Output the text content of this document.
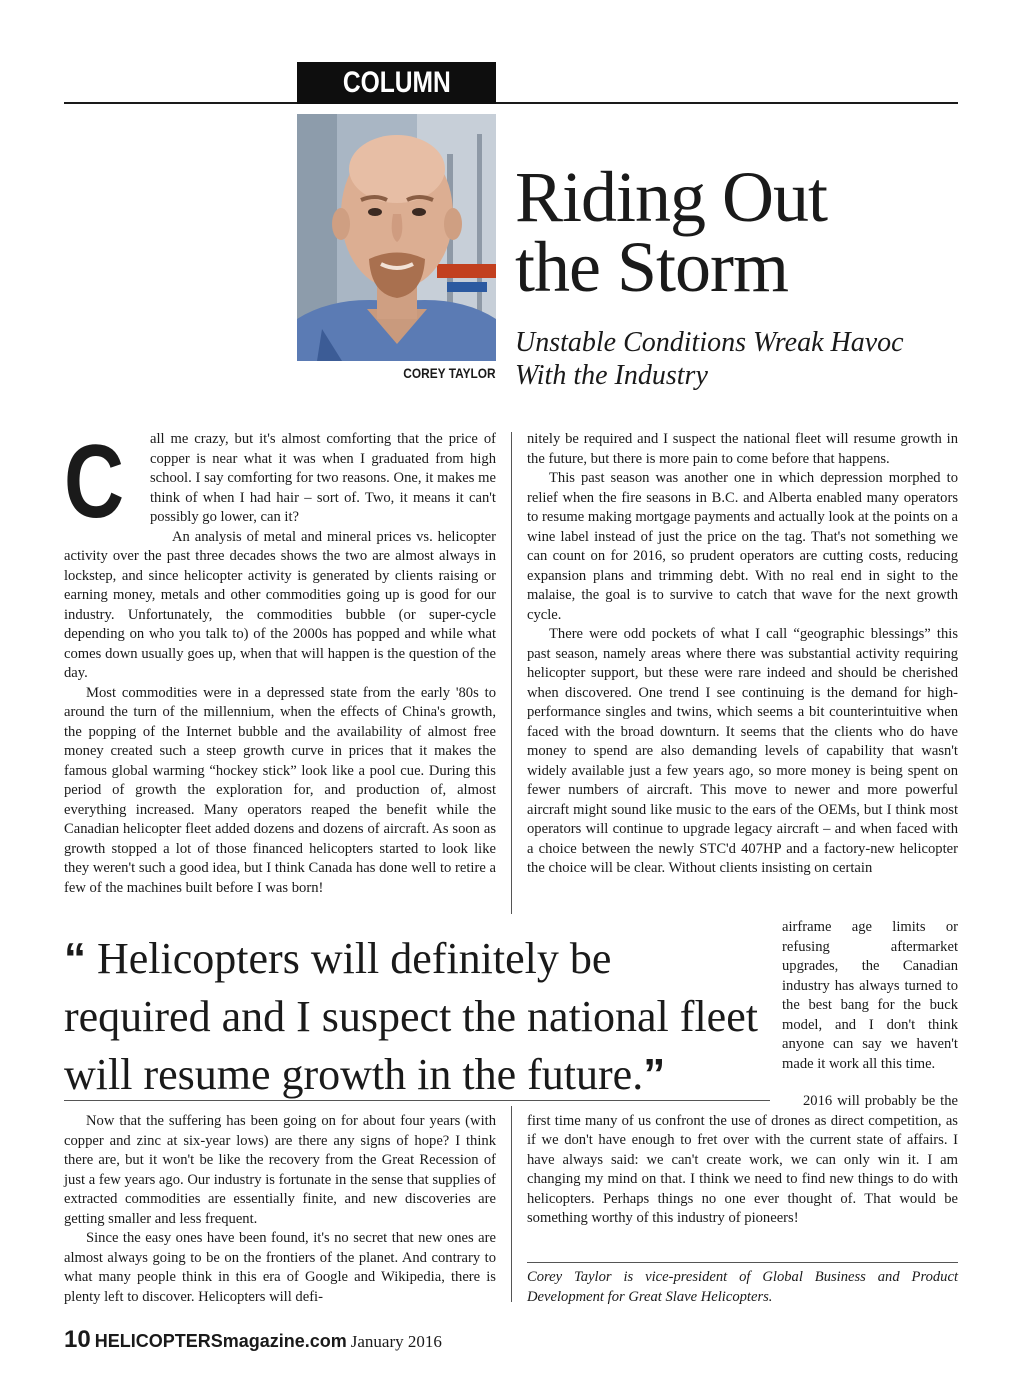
COLUMN
COREY TAYLOR
Riding Out
the Storm
Unstable Conditions Wreak Havoc
With the Industry
C	all me crazy, but it's almost comforting that the price of copper is near what it was when I graduated from high school. I say comforting for two reasons. One, it makes me think of when I had hair – sort of. Two, it means it can't possibly go lower, can it?

An analysis of metal and mineral prices vs. helicopter activity over the past three decades shows the two are almost always in lockstep, and since helicopter activity is generated by clients raising or earning money, metals and other commodities going up is good for our industry. Unfortunately, the commodities bubble (or super-cycle depending on who you talk to) of the 2000s has popped and while what comes down usually goes up, when that will happen is the question of the day.

Most commodities were in a depressed state from the early '80s to around the turn of the millennium, when the effects of China's growth, the popping of the Internet bubble and the availability of almost free money created such a steep growth curve in prices that it makes the famous global warming “hockey stick” look like a pool cue. During this period of growth the exploration for, and production of, almost everything increased. Many operators reaped the benefit while the Canadian helicopter fleet added dozens and dozens of aircraft. As soon as growth stopped a lot of those financed helicopters started to look like they weren't such a good idea, but I think Canada has done well to retire a few of the machines built before I was born!

nitely be required and I suspect the national fleet will resume growth in the future, but there is more pain to come before that happens.

This past season was another one in which depression morphed to relief when the fire seasons in B.C. and Alberta enabled many operators to resume making mortgage payments and actually look at the points on a wine label instead of just the price on the tag. That's not something we can count on for 2016, so prudent operators are cutting costs, reducing expansion plans and trimming debt. With no real end in sight to the malaise, the goal is to survive to catch that wave for the next growth cycle.

There were odd pockets of what I call “geographic blessings” this past season, namely areas where there was substantial activity requiring helicopter support, but these were rare indeed and should be cherished when discovered. One trend I see continuing is the demand for high-performance singles and twins, which seems a bit counterintuitive when faced with the broad downturn. It seems that the clients who do have money to spend are also demanding levels of capability that wasn't widely available just a few years ago, so more money is being spent on fewer numbers of aircraft. This move to newer and more powerful aircraft might sound like music to the ears of the OEMs, but I think most operators will continue to upgrade legacy aircraft – and when faced with a choice between the newly STC'd 407HP and a factory-new helicopter the choice will be clear. Without clients insisting on certain

“ Helicopters will definitely be required and I suspect the national fleet will resume growth in the future.”

airframe age limits or refusing aftermarket upgrades, the Canadian industry has always turned to the best bang for the buck model, and I don't think anyone can say we haven't made it work all this time.

Now that the suffering has been going on for about four years (with copper and zinc at six-year lows) are there any signs of hope? I think there are, but it won't be like the recovery from the Great Recession of just a few years ago. Our industry is fortunate in the sense that supplies of extracted commodities are essentially finite, and new discoveries are getting smaller and less frequent.

Since the easy ones have been found, it's no secret that new ones are almost always going to be on the frontiers of the planet. And contrary to what many people think in this era of Google and Wikipedia, there is plenty left to discover. Helicopters will defi-

2016 will probably be the first time many of us confront the use of drones as direct competition, as if we don't have enough to fret over with the current state of affairs. I have always said: we can't create work, we can only win it. I am changing my mind on that. I think we need to find new things to do with helicopters. Perhaps things no one ever thought of. That would be something worthy of this industry of pioneers!

Corey Taylor is vice-president of Global Business and Product Development for Great Slave Helicopters.
10 HELICOPTERSmagazine.com January 2016
